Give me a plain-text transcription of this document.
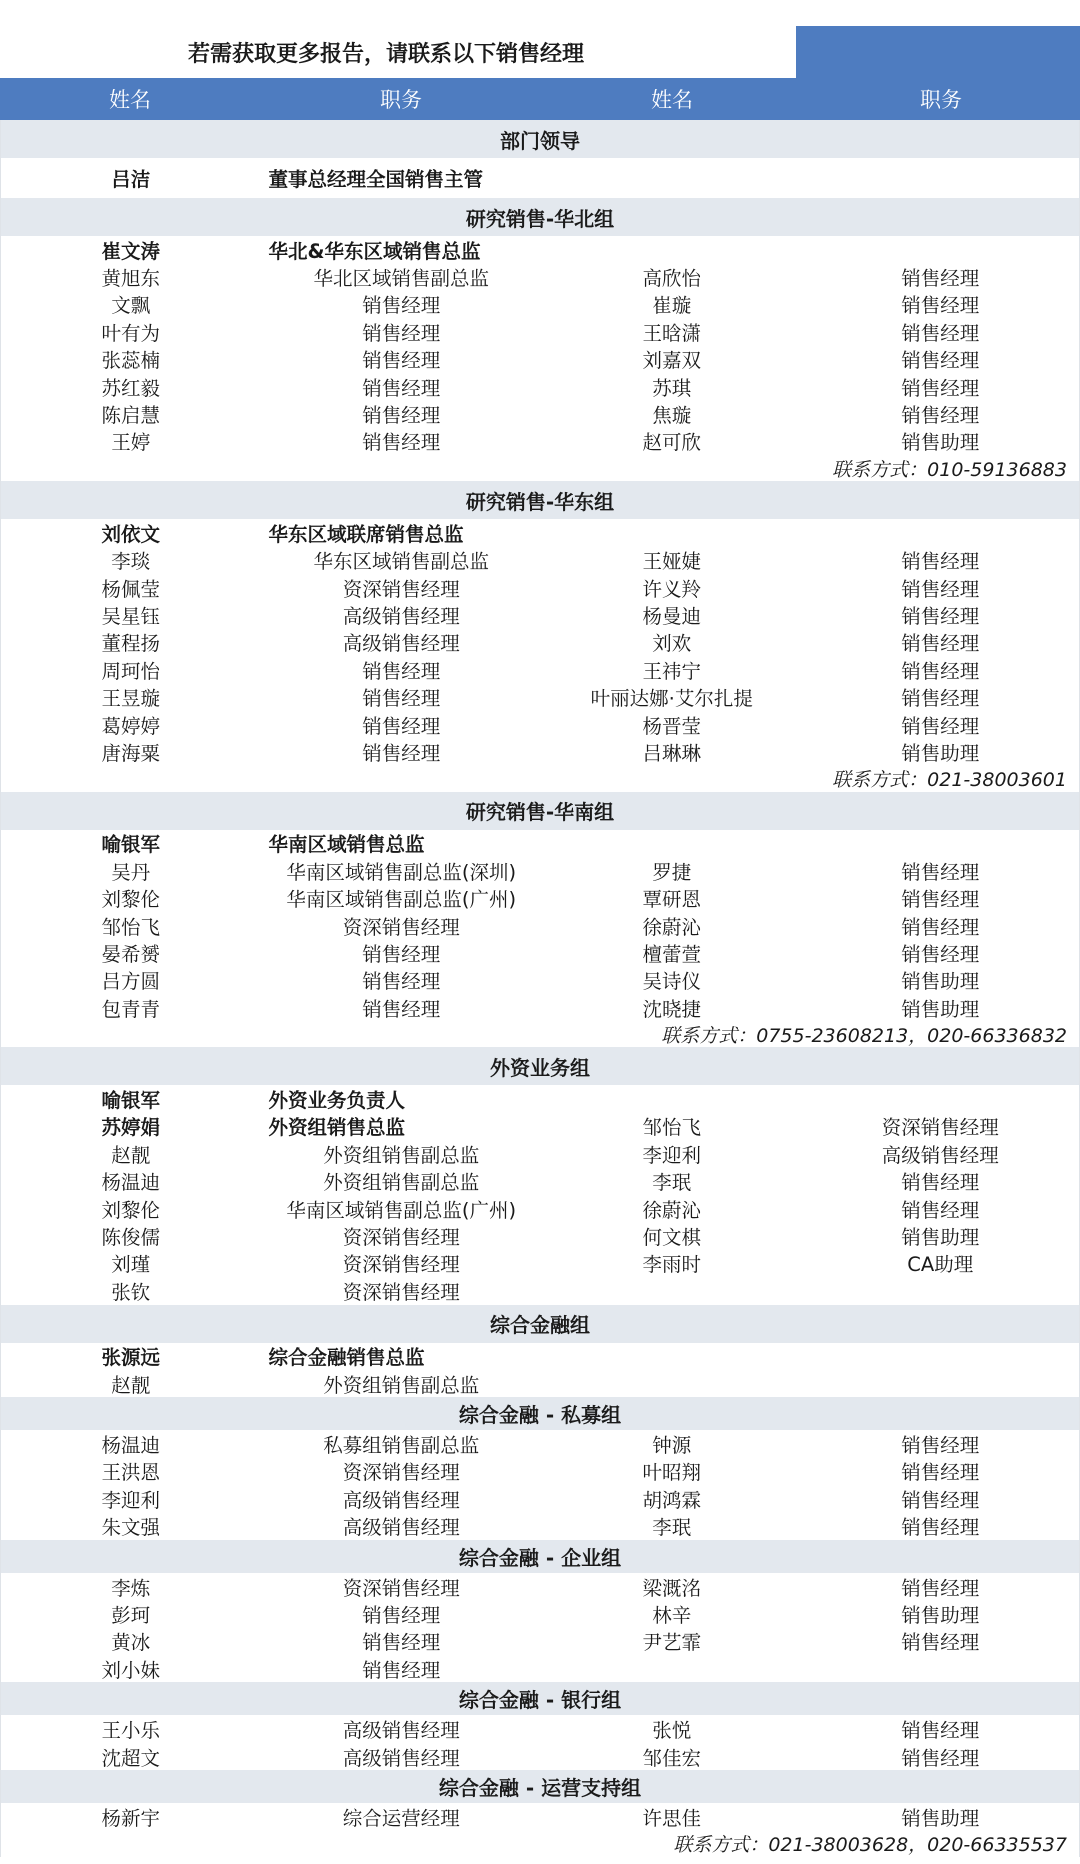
若需获取更多报告，请联系以下销售经理
姓名	职务	姓名	职务
部门领导
吕洁	董事总经理全国销售主管
研究销售-华北组
崔文涛	华北&华东区域销售总监
黄旭东	华北区域销售副总监	高欣怡	销售经理
文飘	销售经理	崔璇	销售经理
叶有为	销售经理	王晗潇	销售经理
张蕊楠	销售经理	刘嘉双	销售经理
苏红毅	销售经理	苏琪	销售经理
陈启慧	销售经理	焦璇	销售经理
王婷	销售经理	赵可欣	销售助理
联系方式：010-59136883
研究销售-华东组
刘依文	华东区域联席销售总监
李琰	华东区域销售副总监	王娅婕	销售经理
杨佩莹	资深销售经理	许义羚	销售经理
吴星钰	高级销售经理	杨曼迪	销售经理
董程扬	高级销售经理	刘欢	销售经理
周珂怡	销售经理	王祎宁	销售经理
王昱璇	销售经理	叶丽达娜·艾尔扎提	销售经理
葛婷婷	销售经理	杨晋莹	销售经理
唐海粟	销售经理	吕琳琳	销售助理
联系方式：021-38003601
研究销售-华南组
喻银军	华南区域销售总监
吴丹	华南区域销售副总监(深圳)	罗捷	销售经理
刘黎伦	华南区域销售副总监(广州)	覃研恩	销售经理
邹怡飞	资深销售经理	徐蔚沁	销售经理
晏希赟	销售经理	檀蕾萱	销售经理
吕方圆	销售经理	吴诗仪	销售助理
包青青	销售经理	沈晓捷	销售助理
联系方式：0755-23608213，020-66336832
外资业务组
喻银军	外资业务负责人
苏婷娟	外资组销售总监	邹怡飞	资深销售经理
赵靓	外资组销售副总监	李迎利	高级销售经理
杨温迪	外资组销售副总监	李珉	销售经理
刘黎伦	华南区域销售副总监(广州)	徐蔚沁	销售经理
陈俊儒	资深销售经理	何文棋	销售助理
刘瑾	资深销售经理	李雨时	CA助理
张钦	资深销售经理
综合金融组
张源远	综合金融销售总监
赵靓	外资组销售副总监
综合金融 - 私募组
杨温迪	私募组销售副总监	钟源	销售经理
王洪恩	资深销售经理	叶昭翔	销售经理
李迎利	高级销售经理	胡鸿霖	销售经理
朱文强	高级销售经理	李珉	销售经理
综合金融 - 企业组
李炼	资深销售经理	梁溉洺	销售经理
彭珂	销售经理	林辛	销售助理
黄冰	销售经理	尹艺霏	销售经理
刘小妹	销售经理
综合金融 - 银行组
王小乐	高级销售经理	张悦	销售经理
沈超文	高级销售经理	邹佳宏	销售经理
综合金融 - 运营支持组
杨新宇	综合运营经理	许思佳	销售助理
联系方式：021-38003628，020-66335537
